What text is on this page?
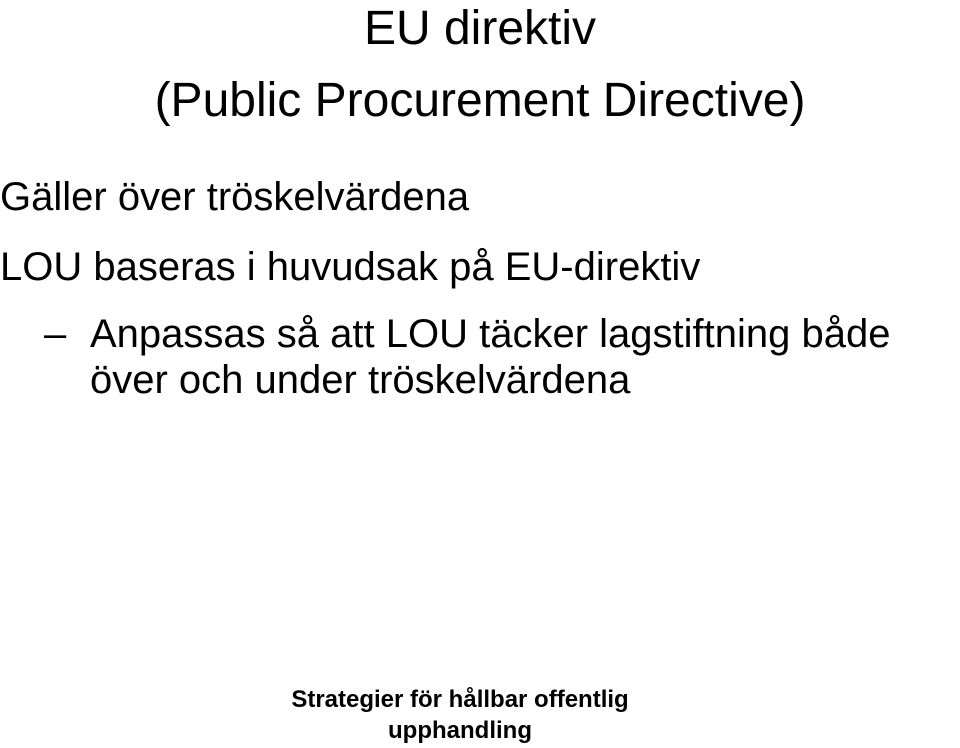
EU direktiv
(Public Procurement Directive)
Gäller över tröskelvärdena
LOU baseras i huvudsak på EU-direktiv
– Anpassas så att LOU täcker lagstiftning både över och under tröskelvärdena
Strategier för hållbar offentlig
upphandling
